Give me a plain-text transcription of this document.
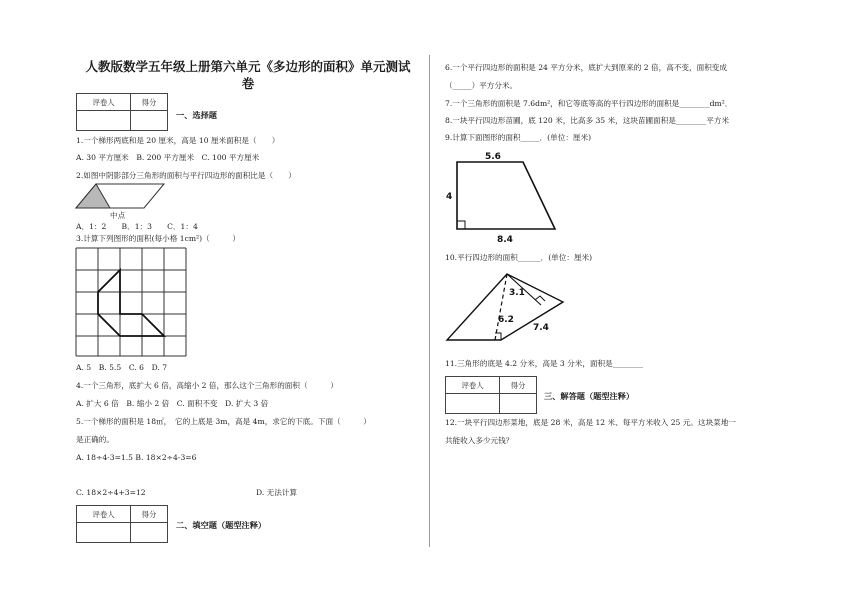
人教版数学五年级上册第六单元《多边形的面积》单元测试
卷
评卷人	得分

一、选择题

1.一个梯形两底和是 20 厘米，高是 10 厘米面积是（　　）

A. 30 平方厘米　B. 200 平方厘米　C. 100 平方厘米

2.如图中阴影部分三角形的面积与平行四边形的面积比是（　　）

中点

A．1：2　　B．1：3　　C．1：4

3.计算下列图形的面积(每小格 1cm²)（　　　）

A. 5　B. 5.5　C. 6　D. 7

4.一个三角形，底扩大 6 倍，高缩小 2 倍，那么这个三角形的面积（　　　）

A. 扩大 6 倍　B. 缩小 2 倍　C. 面积不变　D. 扩大 3 倍

5.一个梯形的面积是 18㎡，　它的上底是 3m，高是 4m，求它的下底。下面（　　　）

是正确的。

A. 18÷4-3=1.5 B. 18×2÷4-3=6

C. 18×2÷4+3=12	D. 无法计算

评卷人	得分

二、填空题（题型注释）

6.一个平行四边形的面积是 24 平方分米，底扩大到原来的 2 倍，高不变，面积变成

（_____）平方分米。

7.一个三角形的面积是 7.6dm²，和它等底等高的平行四边形的面积是________dm²．

8.一块平行四边形苗圃，底 120 米，比高多 35 米，这块苗圃面积是________平方米

9.计算下面图形的面积_____．(单位：厘米)

5.6
4
8.4

10.平行四边形的面积______．(单位：厘米)

3.1
6.2
7.4

11.三角形的底是 4.2 分米，高是 3 分米，面积是________

评卷人	得分

三、解答题（题型注释）

12.一块平行四边形菜地，底是 28 米，高是 12 米、每平方米收入 25 元。这块菜地一

共能收入多少元钱？
